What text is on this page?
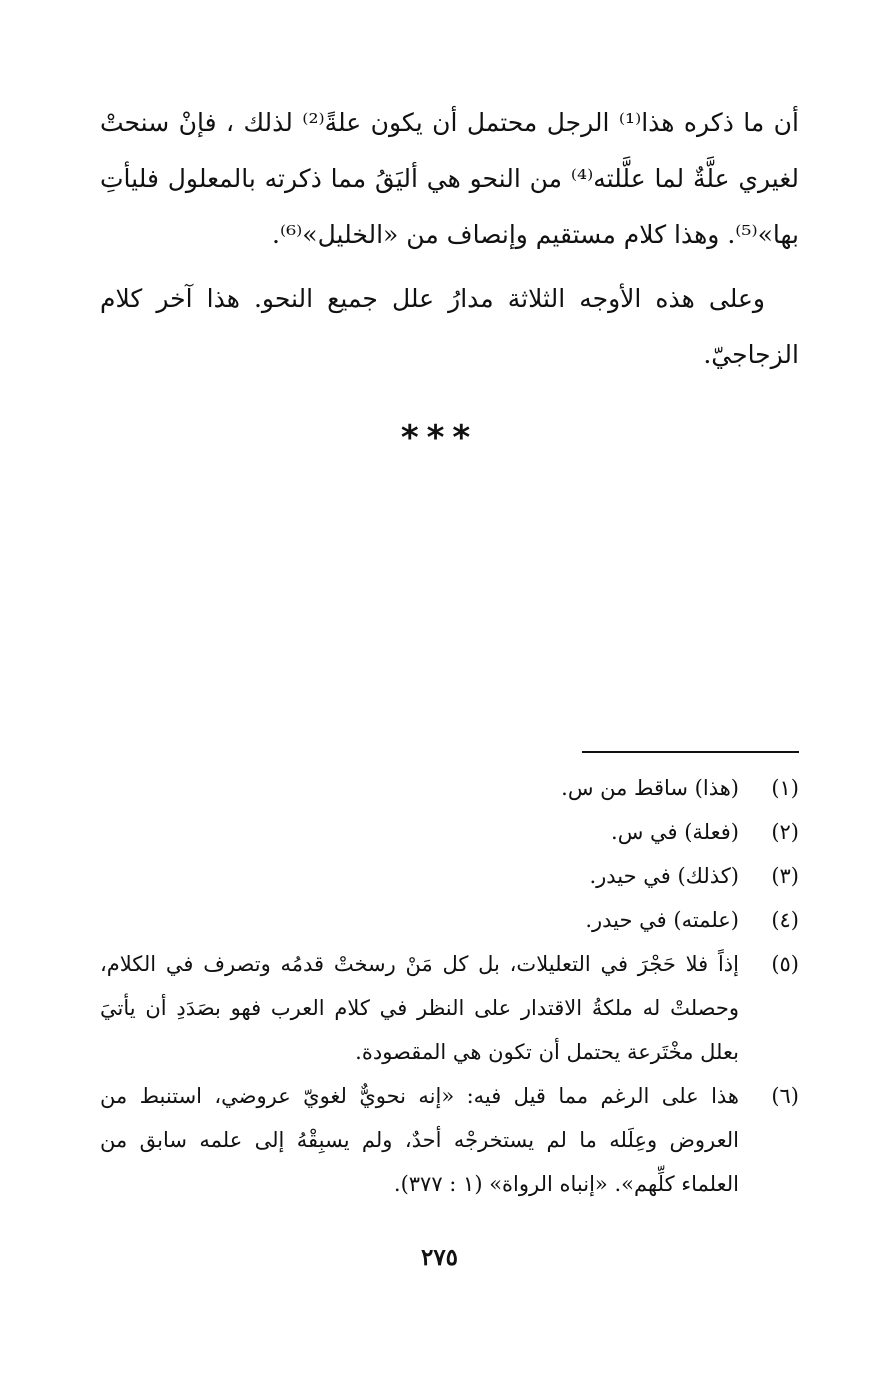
أن ما ذكره هذا⁽¹⁾ الرجل محتمل أن يكون علةً⁽²⁾ لذلك ، فإنْ سنحتْ لغيري علَّةٌ لما علَّلته⁽⁴⁾ من النحو هي أليَقُ مما ذكرته بالمعلول فليأتِ بها»⁽⁵⁾. وهذا كلام مستقيم وإنصاف من «الخليل»⁽⁶⁾.

وعلى هذه الأوجه الثلاثة مدارُ علل جميع النحو. هذا آخر كلام الزجاجيّ.

***
(١)
(هذا) ساقط من س.
(٢)
(فعلة) في س.
(٣)
(كذلك) في حيدر.
(٤)
(علمته) في حيدر.
(٥)
إذاً فلا حَجْرَ في التعليلات، بل كل مَنْ رسختْ قدمُه وتصرف في الكلام، وحصلتْ له ملكةُ الاقتدار على النظر في كلام العرب فهو بصَدَدِ أن يأتيَ بعلل مخْتَرعة يحتمل أن تكون هي المقصودة.
(٦)
هذا على الرغم مما قيل فيه: «إنه نحويٌّ لغويّ عروضي، استنبط من العروض وعِلَله ما لم يستخرجْه أحدٌ، ولم يسبِقْهُ إلى علمه سابق من العلماء كلِّهم». «إنباه الرواة» (١ : ٣٧٧).
٢٧٥
